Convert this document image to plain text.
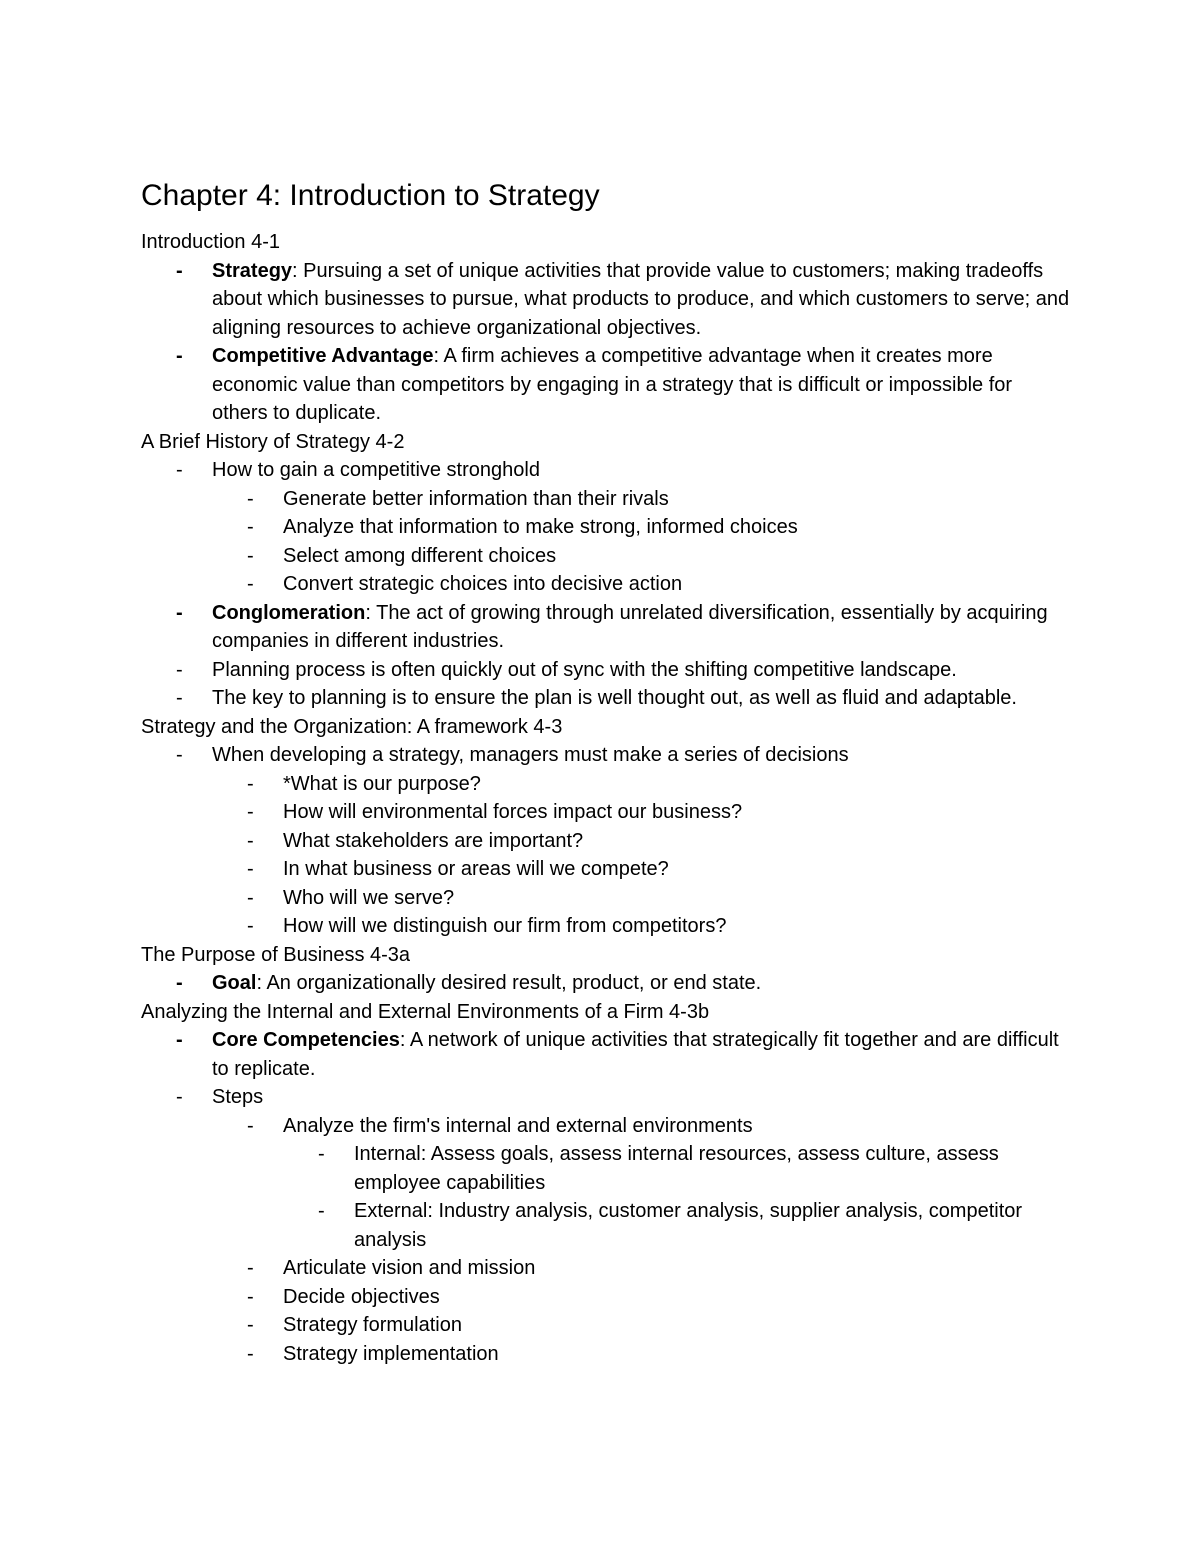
Chapter 4: Introduction to Strategy
Introduction 4-1
- Strategy: Pursuing a set of unique activities that provide value to customers; making tradeoffs about which businesses to pursue, what products to produce, and which customers to serve; and aligning resources to achieve organizational objectives.
- Competitive Advantage: A firm achieves a competitive advantage when it creates more economic value than competitors by engaging in a strategy that is difficult or impossible for others to duplicate.
A Brief History of Strategy 4-2
- How to gain a competitive stronghold
- Generate better information than their rivals
- Analyze that information to make strong, informed choices
- Select among different choices
- Convert strategic choices into decisive action
- Conglomeration: The act of growing through unrelated diversification, essentially by acquiring companies in different industries.
- Planning process is often quickly out of sync with the shifting competitive landscape.
- The key to planning is to ensure the plan is well thought out, as well as fluid and adaptable.
Strategy and the Organization: A framework 4-3
- When developing a strategy, managers must make a series of decisions
- *What is our purpose?
- How will environmental forces impact our business?
- What stakeholders are important?
- In what business or areas will we compete?
- Who will we serve?
- How will we distinguish our firm from competitors?
The Purpose of Business 4-3a
- Goal: An organizationally desired result, product, or end state.
Analyzing the Internal and External Environments of a Firm 4-3b
- Core Competencies: A network of unique activities that strategically fit together and are difficult to replicate.
- Steps
- Analyze the firm's internal and external environments
- Internal: Assess goals, assess internal resources, assess culture, assess employee capabilities
- External: Industry analysis, customer analysis, supplier analysis, competitor analysis
- Articulate vision and mission
- Decide objectives
- Strategy formulation
- Strategy implementation
